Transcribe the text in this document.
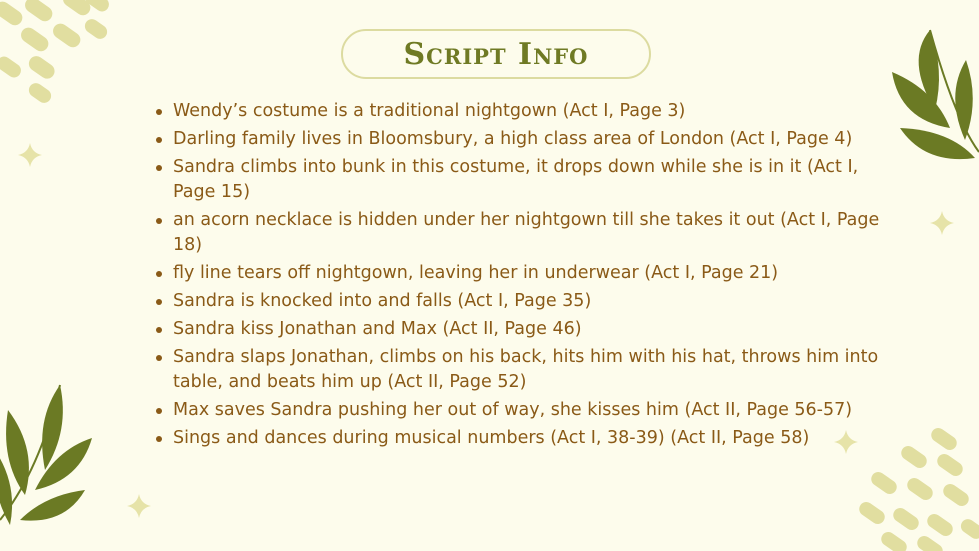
Script Info
Wendy’s costume is a traditional nightgown (Act I, Page 3)
Darling family lives in Bloomsbury, a high class area of London (Act I, Page 4)
Sandra climbs into bunk in this costume, it drops down while she is in it (Act I, Page 15)
an acorn necklace is hidden under her nightgown till she takes it out (Act I, Page 18)
fly line tears off nightgown, leaving her in underwear (Act I, Page 21)
Sandra is knocked into and falls (Act I, Page 35)
Sandra kiss Jonathan and Max (Act II, Page 46)
Sandra slaps Jonathan, climbs on his back, hits him with his hat, throws him into table, and beats him up (Act II, Page 52)
Max saves Sandra pushing her out of way, she kisses him (Act II, Page 56-57)
Sings and dances during musical numbers (Act I, 38-39) (Act II, Page 58)
